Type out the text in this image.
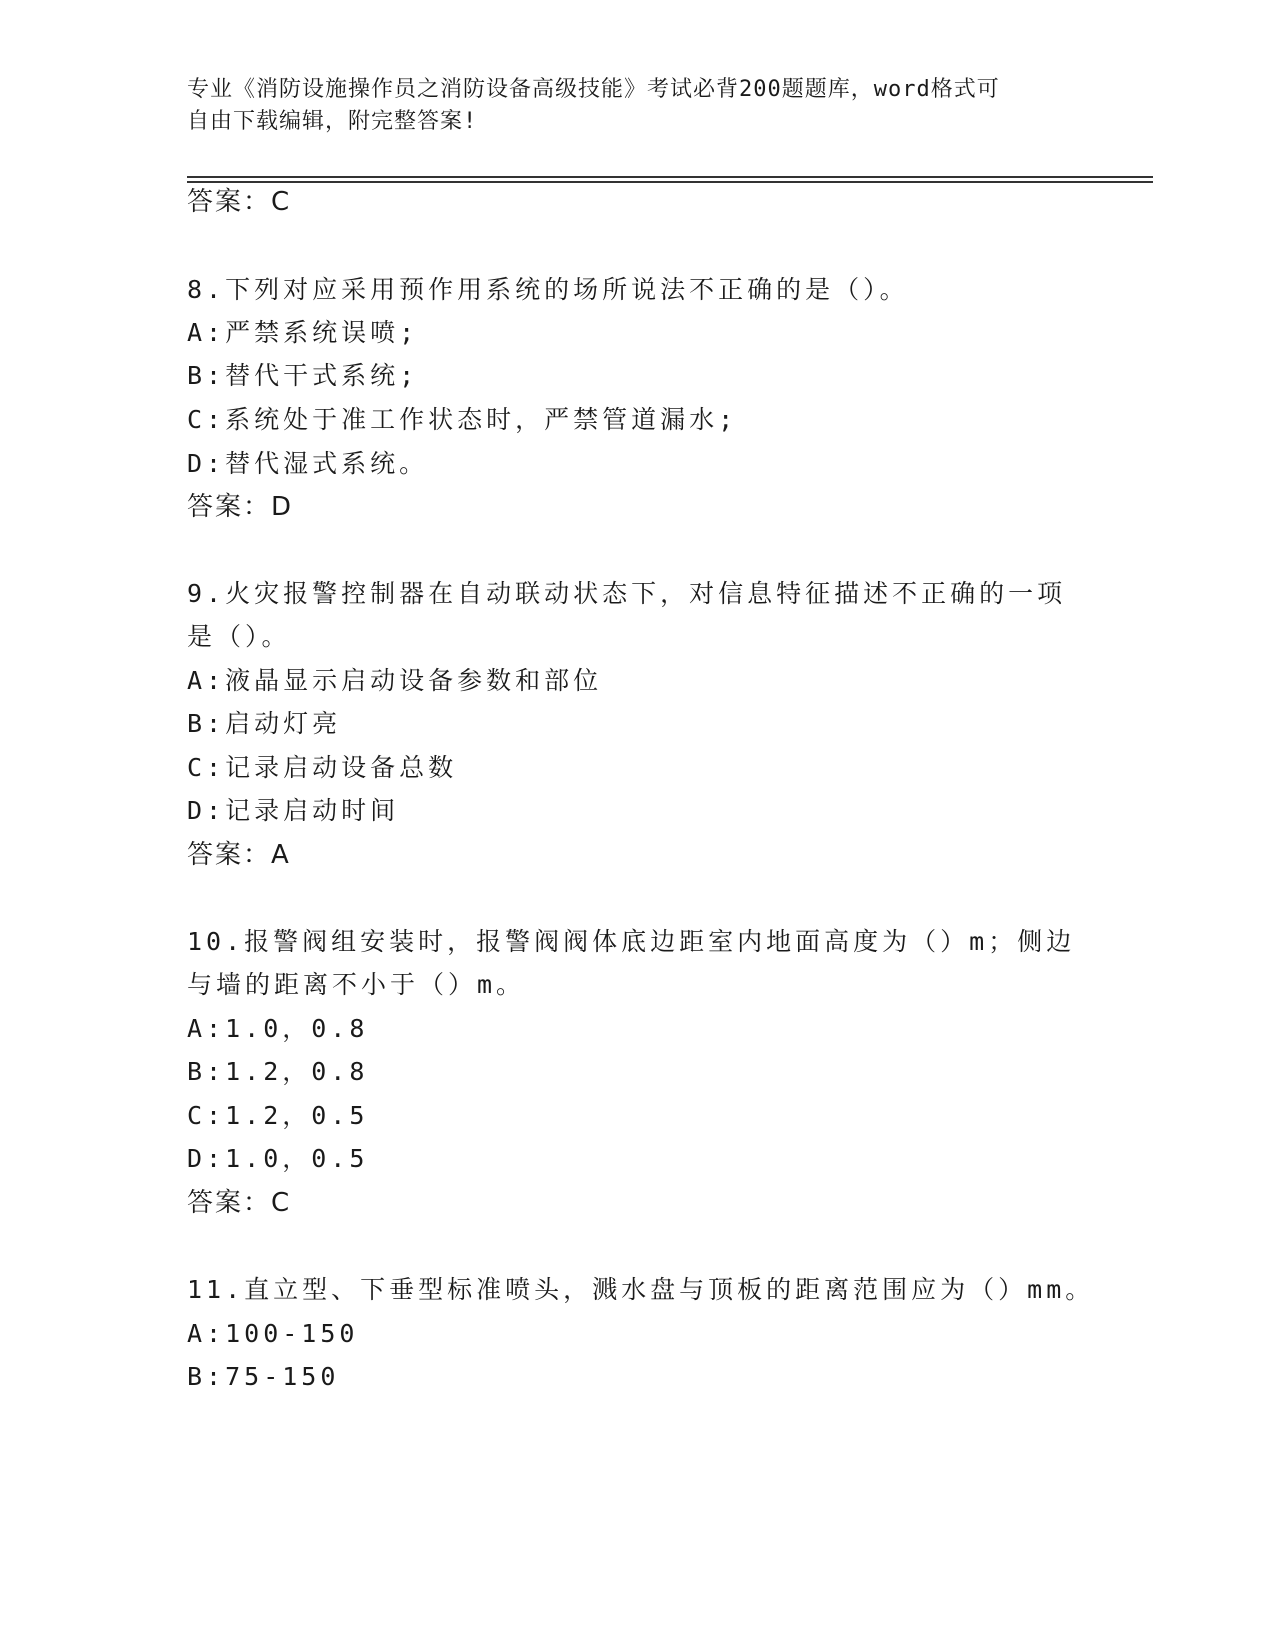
专业《消防设施操作员之消防设备高级技能》考试必背200题题库，word格式可
自由下载编辑，附完整答案!
答案：C
8.下列对应采用预作用系统的场所说法不正确的是（）。
A:严禁系统误喷;
B:替代干式系统;
C:系统处于准工作状态时，严禁管道漏水;
D:替代湿式系统。
答案：D
9.火灾报警控制器在自动联动状态下，对信息特征描述不正确的一项
是（）。
A:液晶显示启动设备参数和部位
B:启动灯亮
C:记录启动设备总数
D:记录启动时间
答案：A
10.报警阀组安装时，报警阀阀体底边距室内地面高度为（）m；侧边
与墙的距离不小于（）m。
A:1.0，0.8
B:1.2，0.8
C:1.2，0.5
D:1.0，0.5
答案：C
11.直立型、下垂型标准喷头，溅水盘与顶板的距离范围应为（）mm。
A:100-150
B:75-150
